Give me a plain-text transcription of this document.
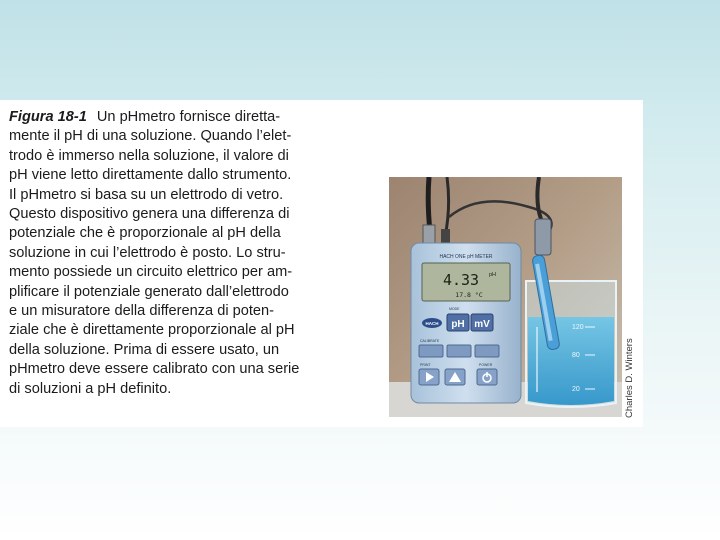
Figura 18-1 Un pHmetro fornisce diretta-
mente il pH di una soluzione. Quando l’elet-
trodo è immerso nella soluzione, il valore di
pH viene letto direttamente dallo strumento.
Il pHmetro si basa su un elettrodo di vetro.
Questo dispositivo genera una differenza di
potenziale che è proporzionale al pH della
soluzione in cui l’elettrodo è posto. Lo stru-
mento possiede un circuito elettrico per am-
plificare il potenziale generato dall’elettrodo
e un misuratore della differenza di poten-
ziale che è direttamente proporzionale al pH
della soluzione. Prima di essere usato, un
pHmetro deve essere calibrato con una serie
di soluzioni a pH definito.
HACH ONE pH METER
4.33 pH
17.8 °C
HACH
MODE
pH mV
CALIBRATE
PRINT	POWER
120
80
20	Charles D. Winters
